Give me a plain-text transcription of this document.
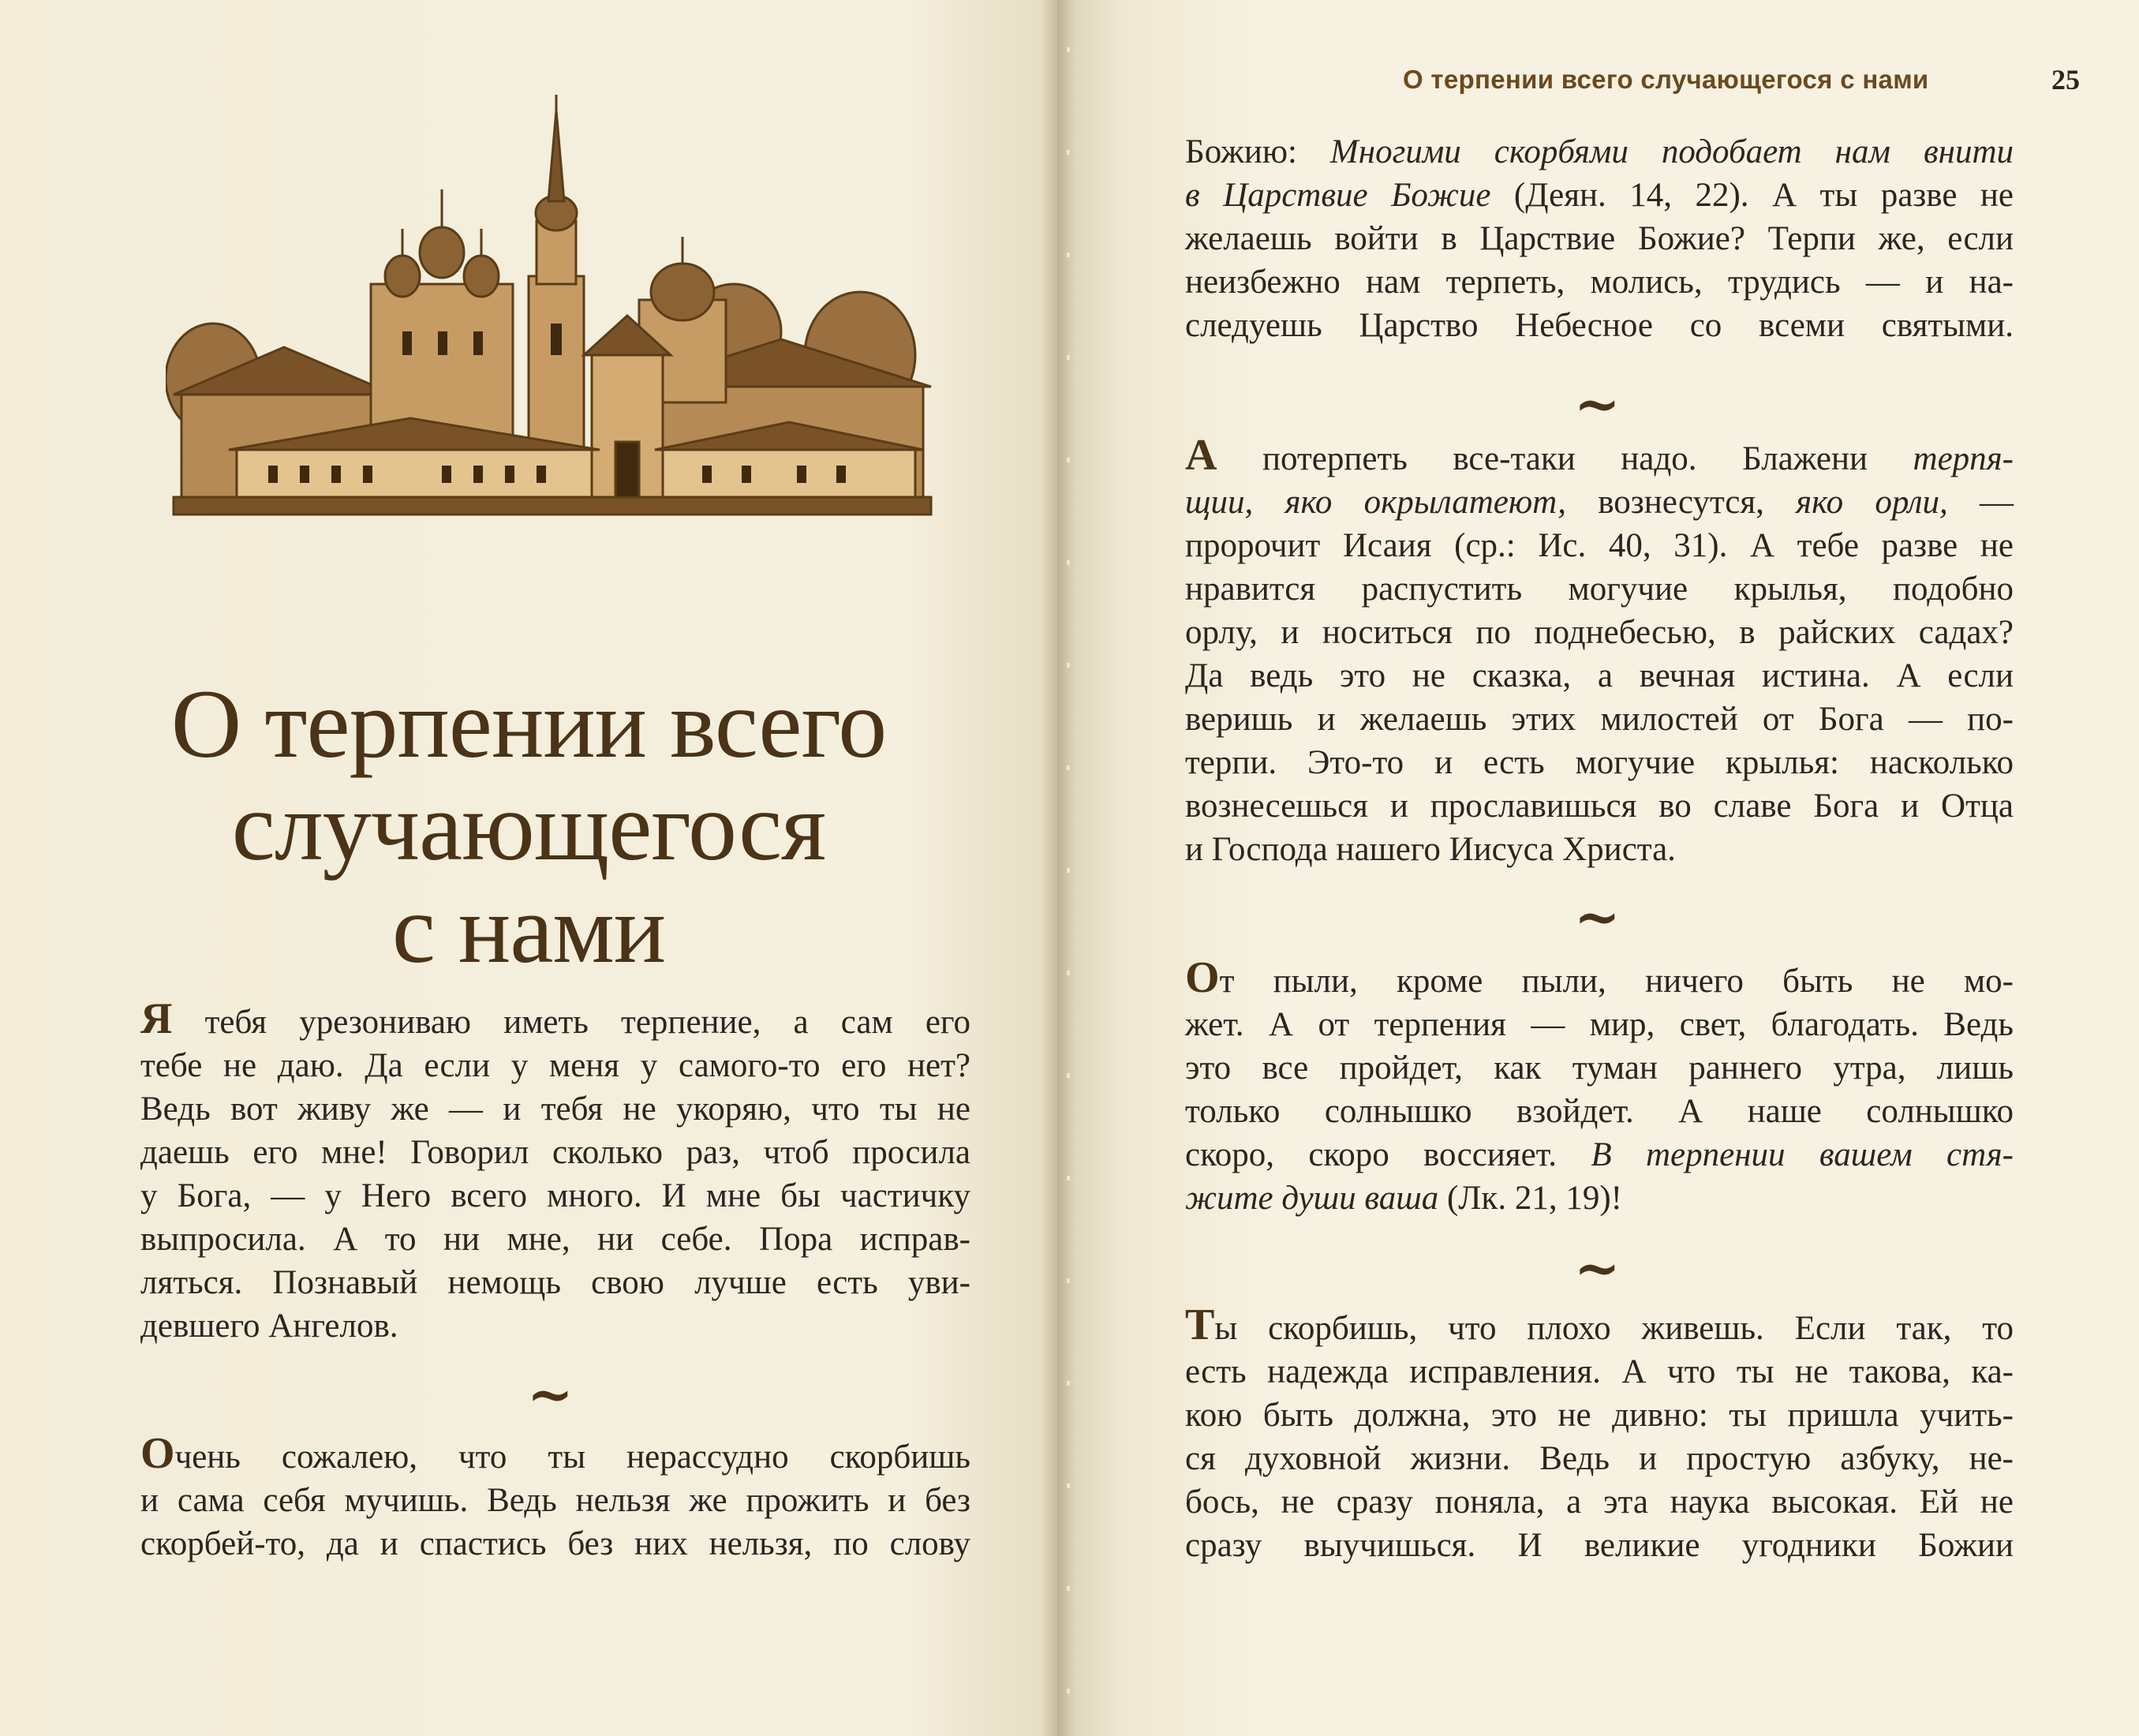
О терпении всего
случающегося
с нами
Я тебя урезониваю иметь терпение, а сам его
тебе не даю. Да если у меня у самого-то его нет?
Ведь вот живу же — и тебя не укоряю, что ты не
даешь его мне! Говорил сколько раз, чтоб просила
у Бога, — у Него всего много. И мне бы частичку
выпросила. А то ни мне, ни себе. Пора исправ-
ляться. Познавый немощь свою лучше есть уви-
девшего Ангелов.
~
Очень сожалею, что ты нерассудно скорбишь
и сама себя мучишь. Ведь нельзя же прожить и без
скорбей-то, да и спастись без них нельзя, по слову
О терпении всего случающегося с нами	25
Божию: Многими скорбями подобает нам внити
в Царствие Божие (Деян. 14, 22). А ты разве не
желаешь войти в Царствие Божие? Терпи же, если
неизбежно нам терпеть, молись, трудись — и на-
следуешь Царство Небесное со всеми святыми.
~
А потерпеть все-таки надо. Блажени терпя-
щии, яко окрылатеют, вознесутся, яко орли, —
пророчит Исаия (ср.: Ис. 40, 31). А тебе разве не
нравится распустить могучие крылья, подобно
орлу, и носиться по поднебесью, в райских садах?
Да ведь это не сказка, а вечная истина. А если
веришь и желаешь этих милостей от Бога — по-
терпи. Это-то и есть могучие крылья: насколько
вознесешься и прославишься во славе Бога и Отца
и Господа нашего Иисуса Христа.
~
От пыли, кроме пыли, ничего быть не мо-
жет. А от терпения — мир, свет, благодать. Ведь
это все пройдет, как туман раннего утра, лишь
только солнышко взойдет. А наше солнышко
скоро, скоро воссияет. В терпении вашем стя-
жите души ваша (Лк. 21, 19)!
~
Ты скорбишь, что плохо живешь. Если так, то
есть надежда исправления. А что ты не такова, ка-
кою быть должна, это не дивно: ты пришла учить-
ся духовной жизни. Ведь и простую азбуку, не-
бось, не сразу поняла, а эта наука высокая. Ей не
сразу выучишься. И великие угодники Божии
